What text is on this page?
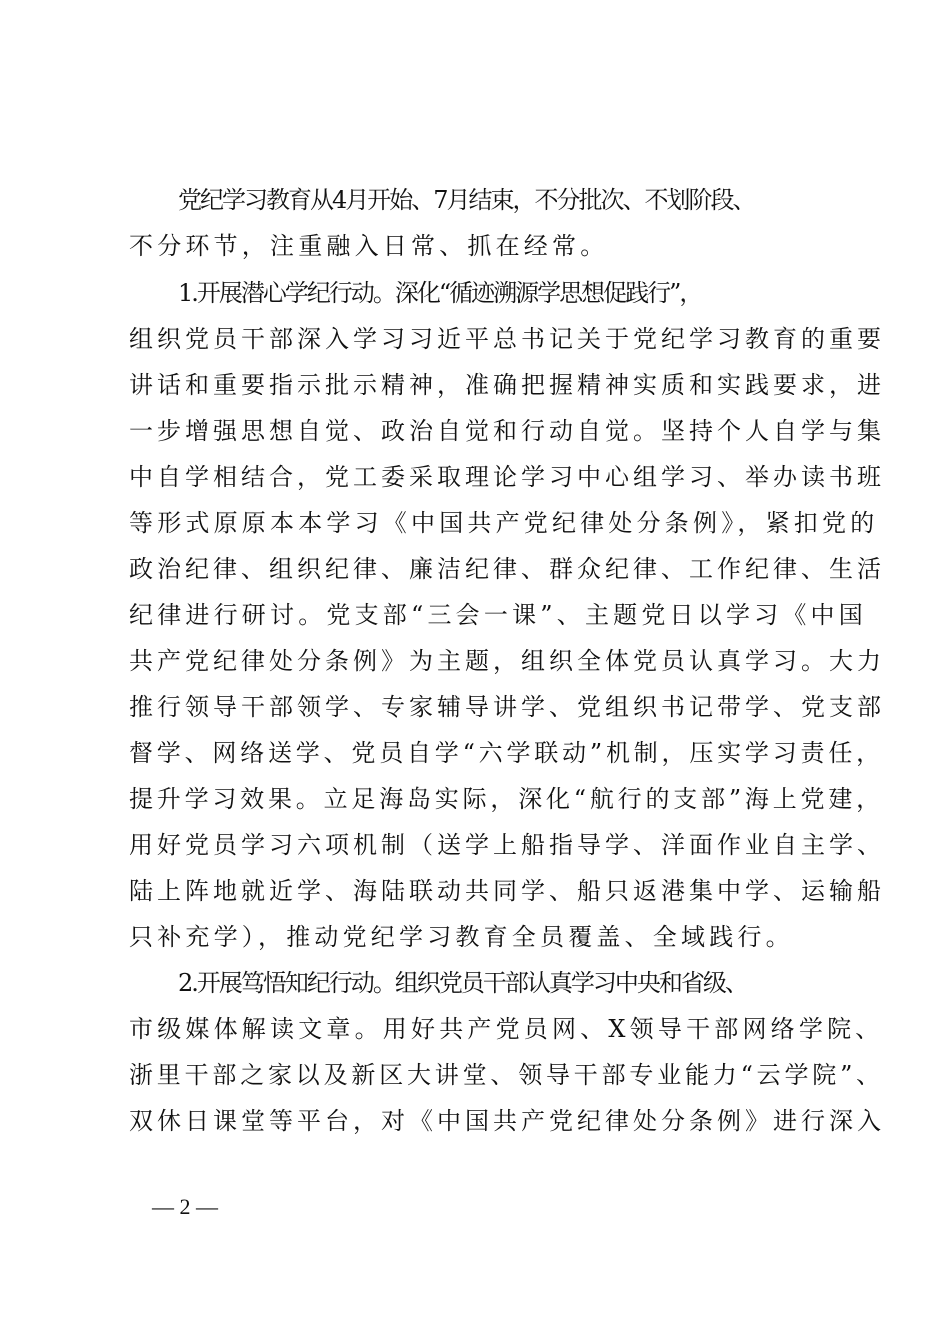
党纪学习教育从4月开始、7月结束，不分批次、不划阶段、
不分环节，注重融入日常、抓在经常。
1.开展潜心学纪行动。深化“循迹溯源学思想促践行”，
组织党员干部深入学习习近平总书记关于党纪学习教育的重要
讲话和重要指示批示精神，准确把握精神实质和实践要求，进
一步增强思想自觉、政治自觉和行动自觉。坚持个人自学与集
中自学相结合，党工委采取理论学习中心组学习、举办读书班
等形式原原本本学习《中国共产党纪律处分条例》，紧扣党的
政治纪律、组织纪律、廉洁纪律、群众纪律、工作纪律、生活
纪律进行研讨。党支部“三会一课”、主题党日以学习《中国
共产党纪律处分条例》为主题，组织全体党员认真学习。大力
推行领导干部领学、专家辅导讲学、党组织书记带学、党支部
督学、网络送学、党员自学“六学联动”机制，压实学习责任，
提升学习效果。立足海岛实际，深化“航行的支部”海上党建，
用好党员学习六项机制（送学上船指导学、洋面作业自主学、
陆上阵地就近学、海陆联动共同学、船只返港集中学、运输船
只补充学），推动党纪学习教育全员覆盖、全域践行。
2.开展笃悟知纪行动。组织党员干部认真学习中央和省级、
市级媒体解读文章。用好共产党员网、X领导干部网络学院、
浙里干部之家以及新区大讲堂、领导干部专业能力“云学院”、
双休日课堂等平台，对《中国共产党纪律处分条例》进行深入
— 2 —
